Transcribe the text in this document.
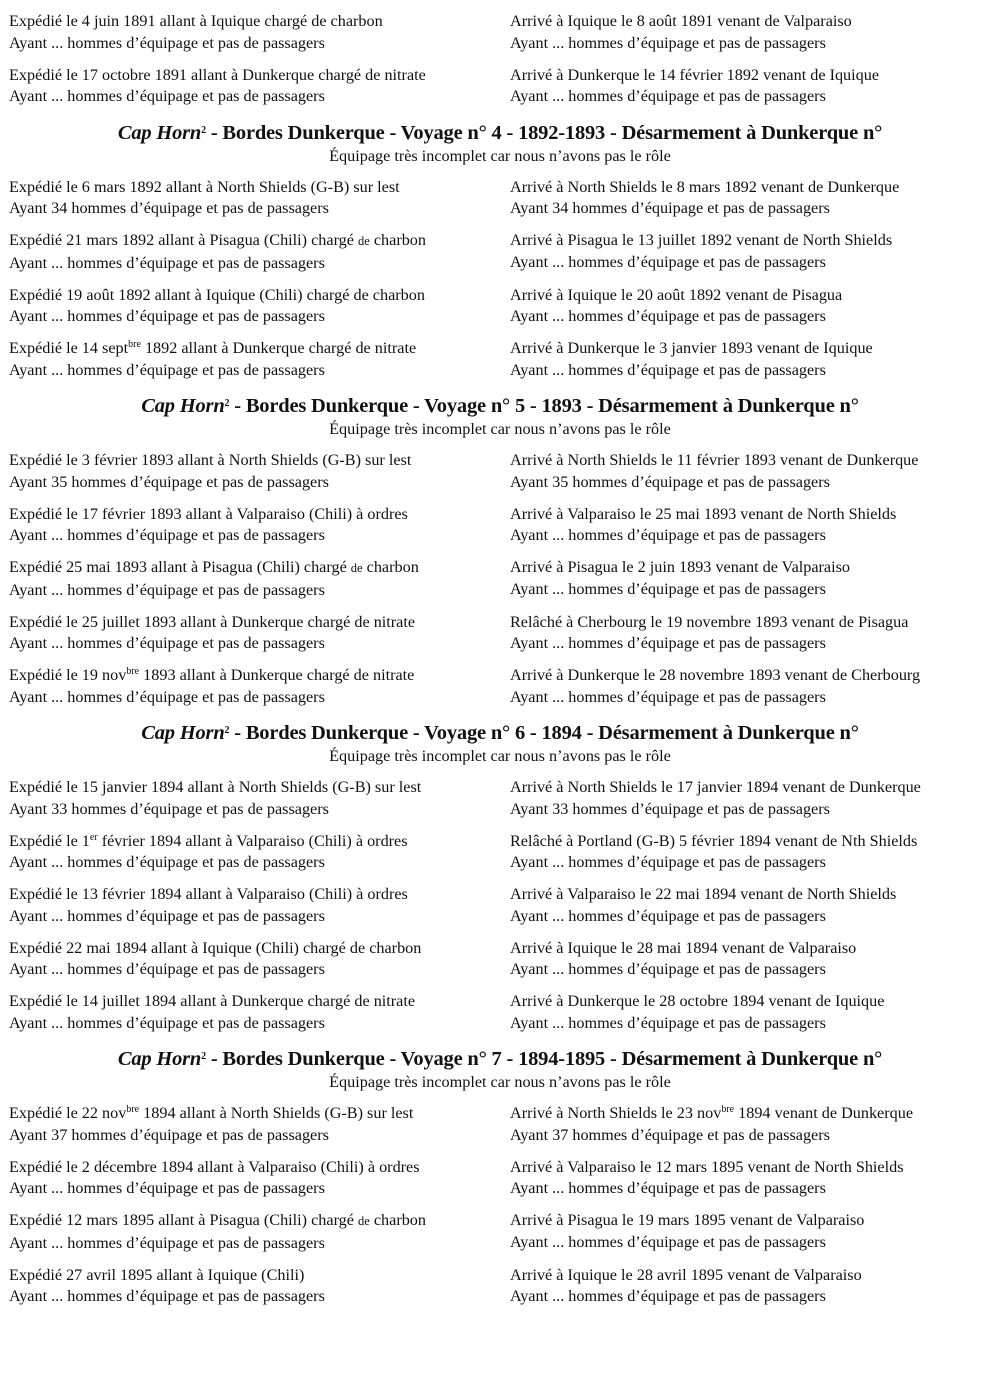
Expédié le 4 juin 1891 allant à Iquique chargé de charbon
Ayant ... hommes d’équipage et pas de passagers
Arrivé à Iquique le 8 août 1891 venant de Valparaiso
Ayant ... hommes d’équipage et pas de passagers
Expédié le 17 octobre 1891 allant à Dunkerque chargé de nitrate
Ayant ... hommes d’équipage et pas de passagers
Arrivé à Dunkerque le 14 février 1892 venant de Iquique
Ayant ... hommes d’équipage et pas de passagers
Cap Horn$^2$ - Bordes Dunkerque - Voyage n° 4 - 1892-1893 - Désarmement à Dunkerque n°
Équipage très incomplet car nous n’avons pas le rôle
Expédié le 6 mars 1892 allant à North Shields (G-B) sur lest
Ayant 34 hommes d’équipage et pas de passagers
Arrivé à North Shields le 8 mars 1892 venant de Dunkerque
Ayant 34 hommes d’équipage et pas de passagers
Expédié 21 mars 1892 allant à Pisagua (Chili) chargé de charbon
Ayant ... hommes d’équipage et pas de passagers
Arrivé à Pisagua le 13 juillet 1892 venant de North Shields
Ayant ... hommes d’équipage et pas de passagers
Expédié 19 août 1892 allant à Iquique (Chili) chargé de charbon
Ayant ... hommes d’équipage et pas de passagers
Arrivé à Iquique le 20 août 1892 venant de Pisagua
Ayant ... hommes d’équipage et pas de passagers
Expédié le 14 sept$^{bre}$ 1892 allant à Dunkerque chargé de nitrate
Ayant ... hommes d’équipage et pas de passagers
Arrivé à Dunkerque le 3 janvier 1893 venant de Iquique
Ayant ... hommes d’équipage et pas de passagers
Cap Horn$^2$ - Bordes Dunkerque - Voyage n° 5 - 1893 - Désarmement à Dunkerque n°
Équipage très incomplet car nous n’avons pas le rôle
Expédié le 3 février 1893 allant à North Shields (G-B) sur lest
Ayant 35 hommes d’équipage et pas de passagers
Arrivé à North Shields le 11 février 1893 venant de Dunkerque
Ayant 35 hommes d’équipage et pas de passagers
Expédié le 17 février 1893 allant à Valparaiso (Chili) à ordres
Ayant ... hommes d’équipage et pas de passagers
Arrivé à Valparaiso le 25 mai 1893 venant de North Shields
Ayant ... hommes d’équipage et pas de passagers
Expédié 25 mai 1893 allant à Pisagua (Chili) chargé de charbon
Ayant ... hommes d’équipage et pas de passagers
Arrivé à Pisagua le 2 juin 1893 venant de Valparaiso
Ayant ... hommes d’équipage et pas de passagers
Expédié le 25 juillet 1893 allant à Dunkerque chargé de nitrate
Ayant ... hommes d’équipage et pas de passagers
Relâché à Cherbourg le 19 novembre 1893 venant de Pisagua
Ayant ... hommes d’équipage et pas de passagers
Expédié le 19 nov$^{bre}$ 1893 allant à Dunkerque chargé de nitrate
Ayant ... hommes d’équipage et pas de passagers
Arrivé à Dunkerque le 28 novembre 1893 venant de Cherbourg
Ayant ... hommes d’équipage et pas de passagers
Cap Horn$^2$ - Bordes Dunkerque - Voyage n° 6 - 1894 - Désarmement à Dunkerque n°
Équipage très incomplet car nous n’avons pas le rôle
Expédié le 15 janvier 1894 allant à North Shields (G-B) sur lest
Ayant 33 hommes d’équipage et pas de passagers
Arrivé à North Shields le 17 janvier 1894 venant de Dunkerque
Ayant 33 hommes d’équipage et pas de passagers
Expédié le 1er février 1894 allant à Valparaiso (Chili) à ordres
Ayant ... hommes d’équipage et pas de passagers
Relâché à Portland (G-B) 5 février 1894 venant de Nth Shields
Ayant ... hommes d’équipage et pas de passagers
Expédié le 13 février 1894 allant à Valparaiso (Chili) à ordres
Ayant ... hommes d’équipage et pas de passagers
Arrivé à Valparaiso le 22 mai 1894 venant de North Shields
Ayant ... hommes d’équipage et pas de passagers
Expédié 22 mai 1894 allant à Iquique (Chili) chargé de charbon
Ayant ... hommes d’équipage et pas de passagers
Arrivé à Iquique le 28 mai 1894 venant de Valparaiso
Ayant ... hommes d’équipage et pas de passagers
Expédié le 14 juillet 1894 allant à Dunkerque chargé de nitrate
Ayant ... hommes d’équipage et pas de passagers
Arrivé à Dunkerque le 28 octobre 1894 venant de Iquique
Ayant ... hommes d’équipage et pas de passagers
Cap Horn$^2$ - Bordes Dunkerque - Voyage n° 7 - 1894-1895 - Désarmement à Dunkerque n°
Équipage très incomplet car nous n’avons pas le rôle
Expédié le 22 nov$^{bre}$ 1894 allant à North Shields (G-B) sur lest
Ayant 37 hommes d’équipage et pas de passagers
Arrivé à North Shields le 23 nov$^{bre}$ 1894 venant de Dunkerque
Ayant 37 hommes d’équipage et pas de passagers
Expédié le 2 décembre 1894 allant à Valparaiso (Chili) à ordres
Ayant ... hommes d’équipage et pas de passagers
Arrivé à Valparaiso le 12 mars 1895 venant de North Shields
Ayant ... hommes d’équipage et pas de passagers
Expédié 12 mars 1895 allant à Pisagua (Chili) chargé de charbon
Ayant ... hommes d’équipage et pas de passagers
Arrivé à Pisagua le 19 mars 1895 venant de Valparaiso
Ayant ... hommes d’équipage et pas de passagers
Expédié 27 avril 1895 allant à Iquique (Chili)
Ayant ... hommes d’équipage et pas de passagers
Arrivé à Iquique le 28 avril 1895 venant de Valparaiso
Ayant ... hommes d’équipage et pas de passagers
